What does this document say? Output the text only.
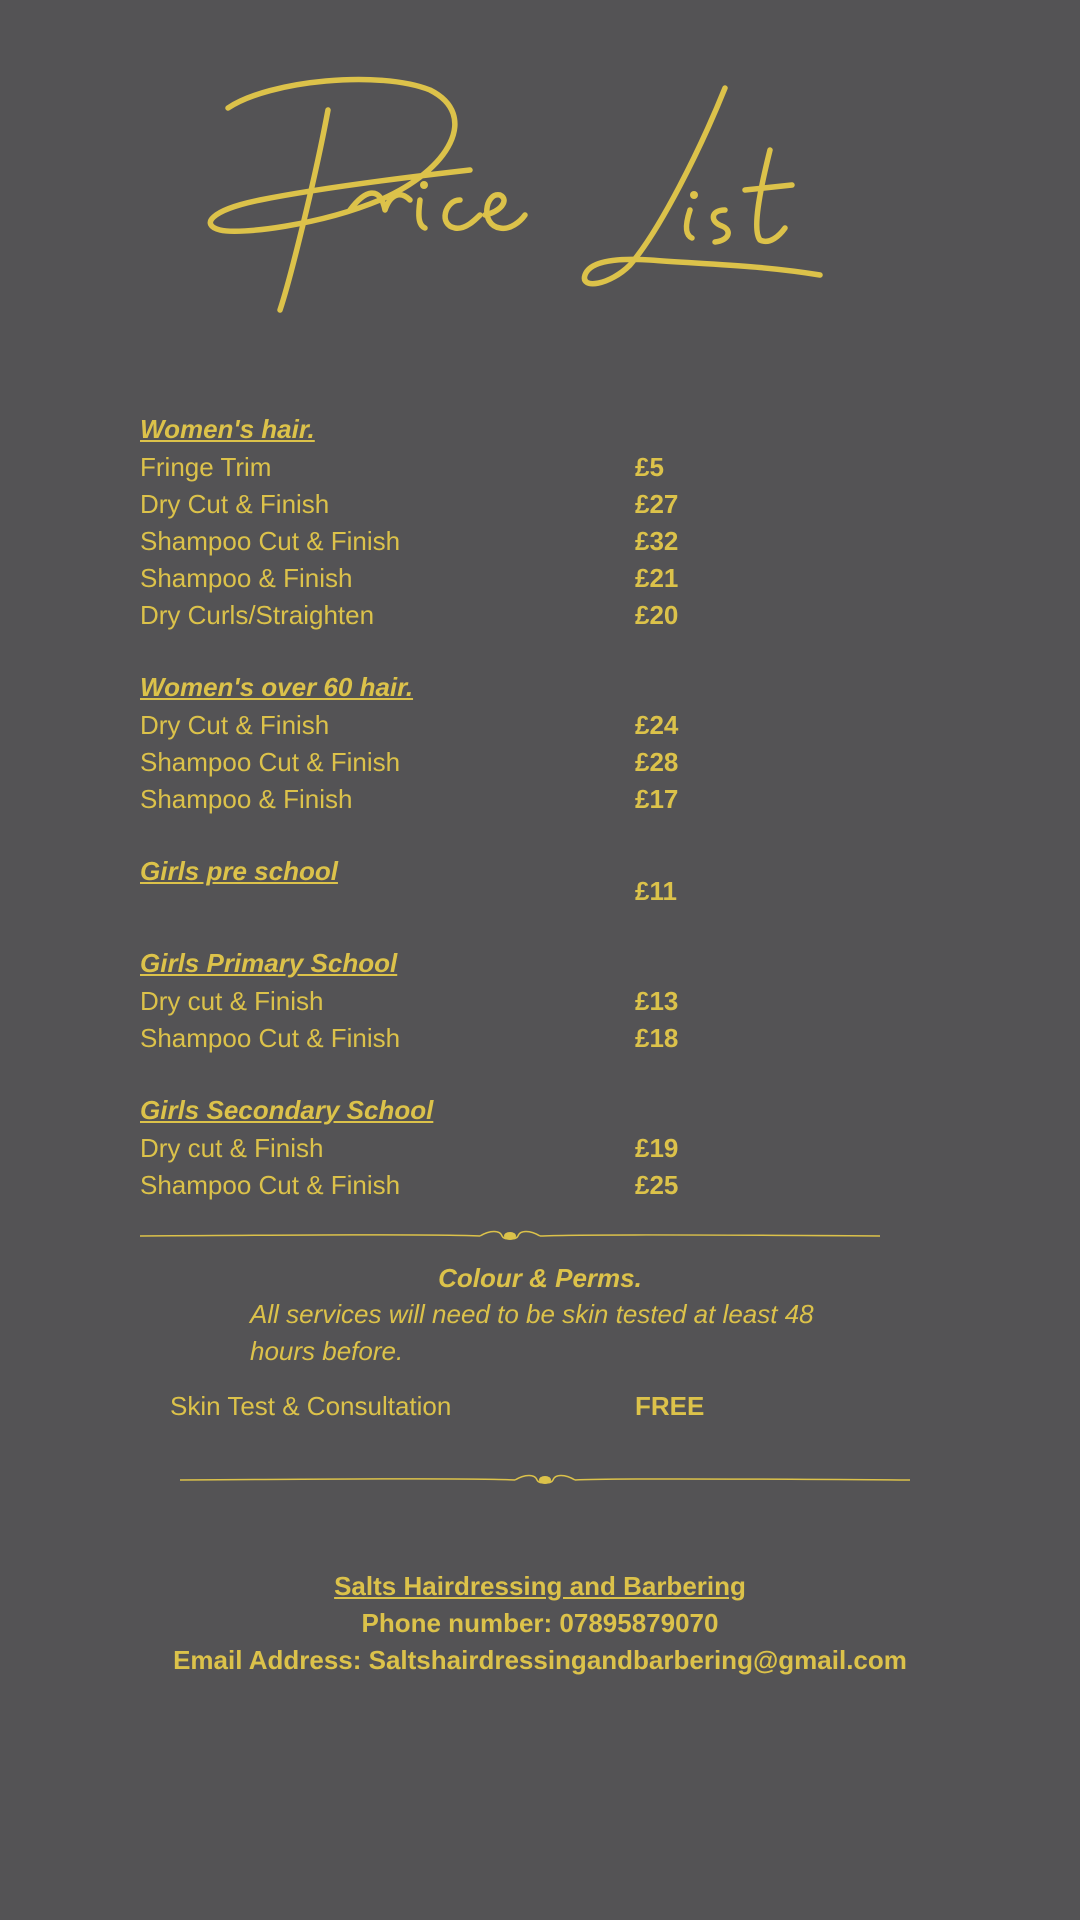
Women's hair.
Fringe Trim	£5
Dry Cut & Finish	£27
Shampoo Cut & Finish	£32
Shampoo & Finish	£21
Dry Curls/Straighten	£20
Women's over 60 hair.
Dry Cut & Finish	£24
Shampoo Cut & Finish	£28
Shampoo & Finish	£17
Girls pre school
£11
Girls Primary School
Dry cut & Finish	£13
Shampoo Cut & Finish	£18
Girls Secondary School
Dry cut & Finish	£19
Shampoo Cut & Finish	£25
Colour & Perms.
All services will need to be skin tested at least 48 hours before.
Skin Test & Consultation	FREE
Salts Hairdressing and Barbering
Phone number: 07895879070
Email Address: Saltshairdressingandbarbering@gmail.com
